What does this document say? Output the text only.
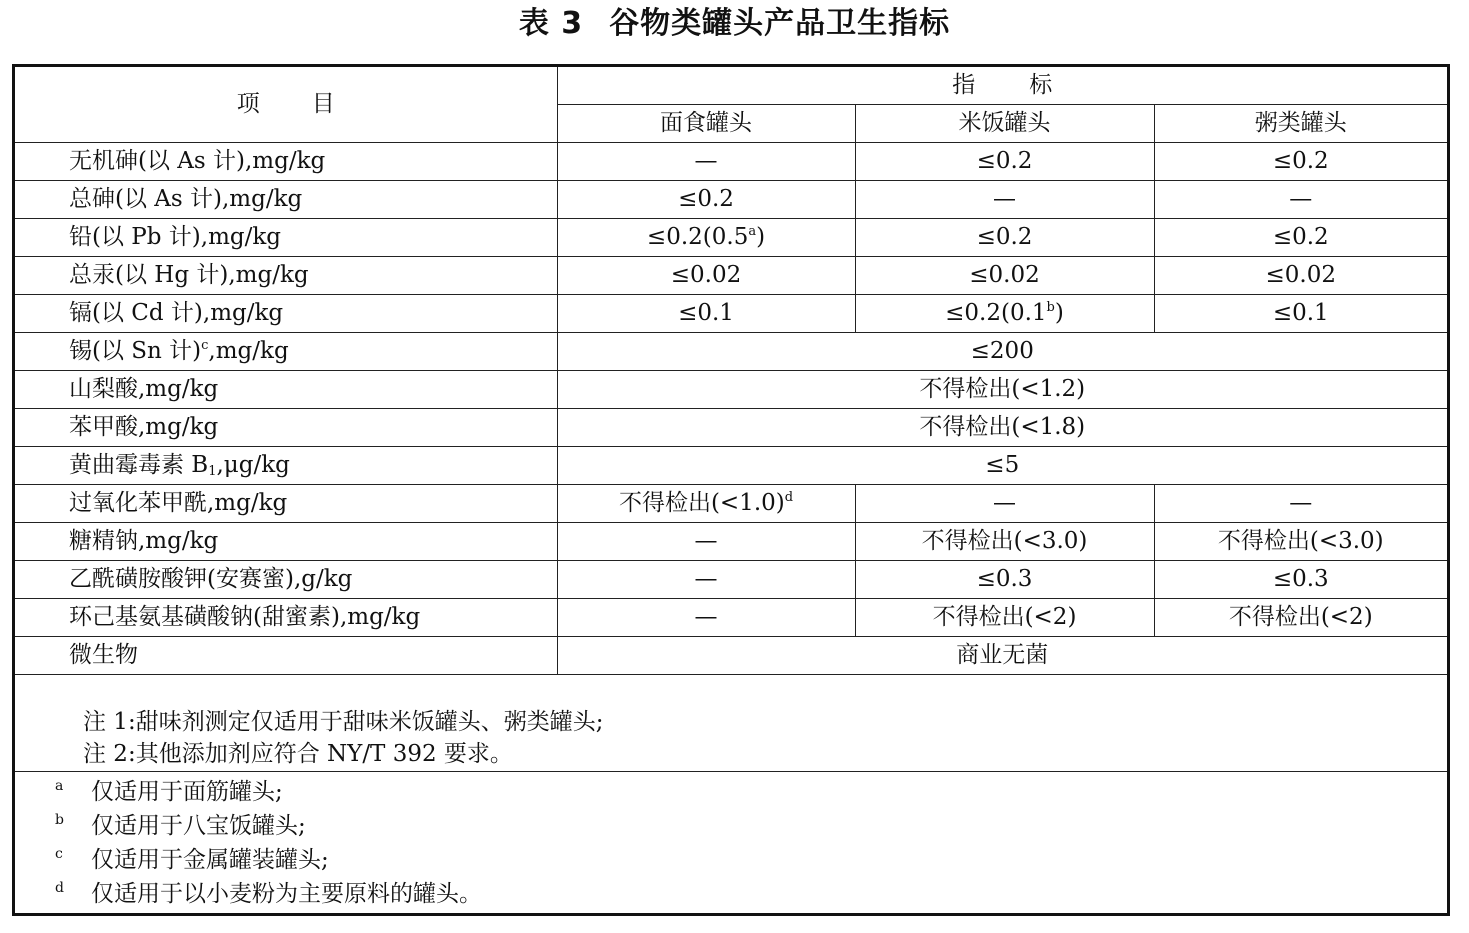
表 3 谷物类罐头产品卫生指标
项目	指标		
	面食罐头	米饭罐头	粥类罐头
无机砷(以 As 计),mg/kg	—	≤0.2	≤0.2
总砷(以 As 计),mg/kg	≤0.2	—	—
铅(以 Pb 计),mg/kg	≤0.2(0.5$^a$)	≤0.2	≤0.2
总汞(以 Hg 计),mg/kg	≤0.02	≤0.02	≤0.02
镉(以 Cd 计),mg/kg	≤0.1	≤0.2(0.1$^b$)	≤0.1
锡(以 Sn 计)$^c$,mg/kg	≤200		
山梨酸,mg/kg	不得检出(<1.2)		
苯甲酸,mg/kg	不得检出(<1.8)		
黄曲霉毒素 $B_1,\mu g/kg$	≤5		
过氧化苯甲酰,mg/kg	不得检出(<1.0)$^d$	—	—
糖精钠,mg/kg	—	不得检出(<3.0)	不得检出(<3.0)
乙酰磺胺酸钾(安赛蜜),g/kg	—	≤0.3	≤0.3
环己基氨基磺酸钠(甜蜜素),mg/kg	—	不得检出(<2)	不得检出(<2)
微生物	商业无菌		
注 1:甜味剂测定仅适用于甜味米饭罐头、粥类罐头;
注 2:其他添加剂应符合 NY/T 392 要求。
a 仅适用于面筋罐头;
b 仅适用于八宝饭罐头;
c 仅适用于金属罐装罐头;
d 仅适用于以小麦粉为主要原料的罐头。
